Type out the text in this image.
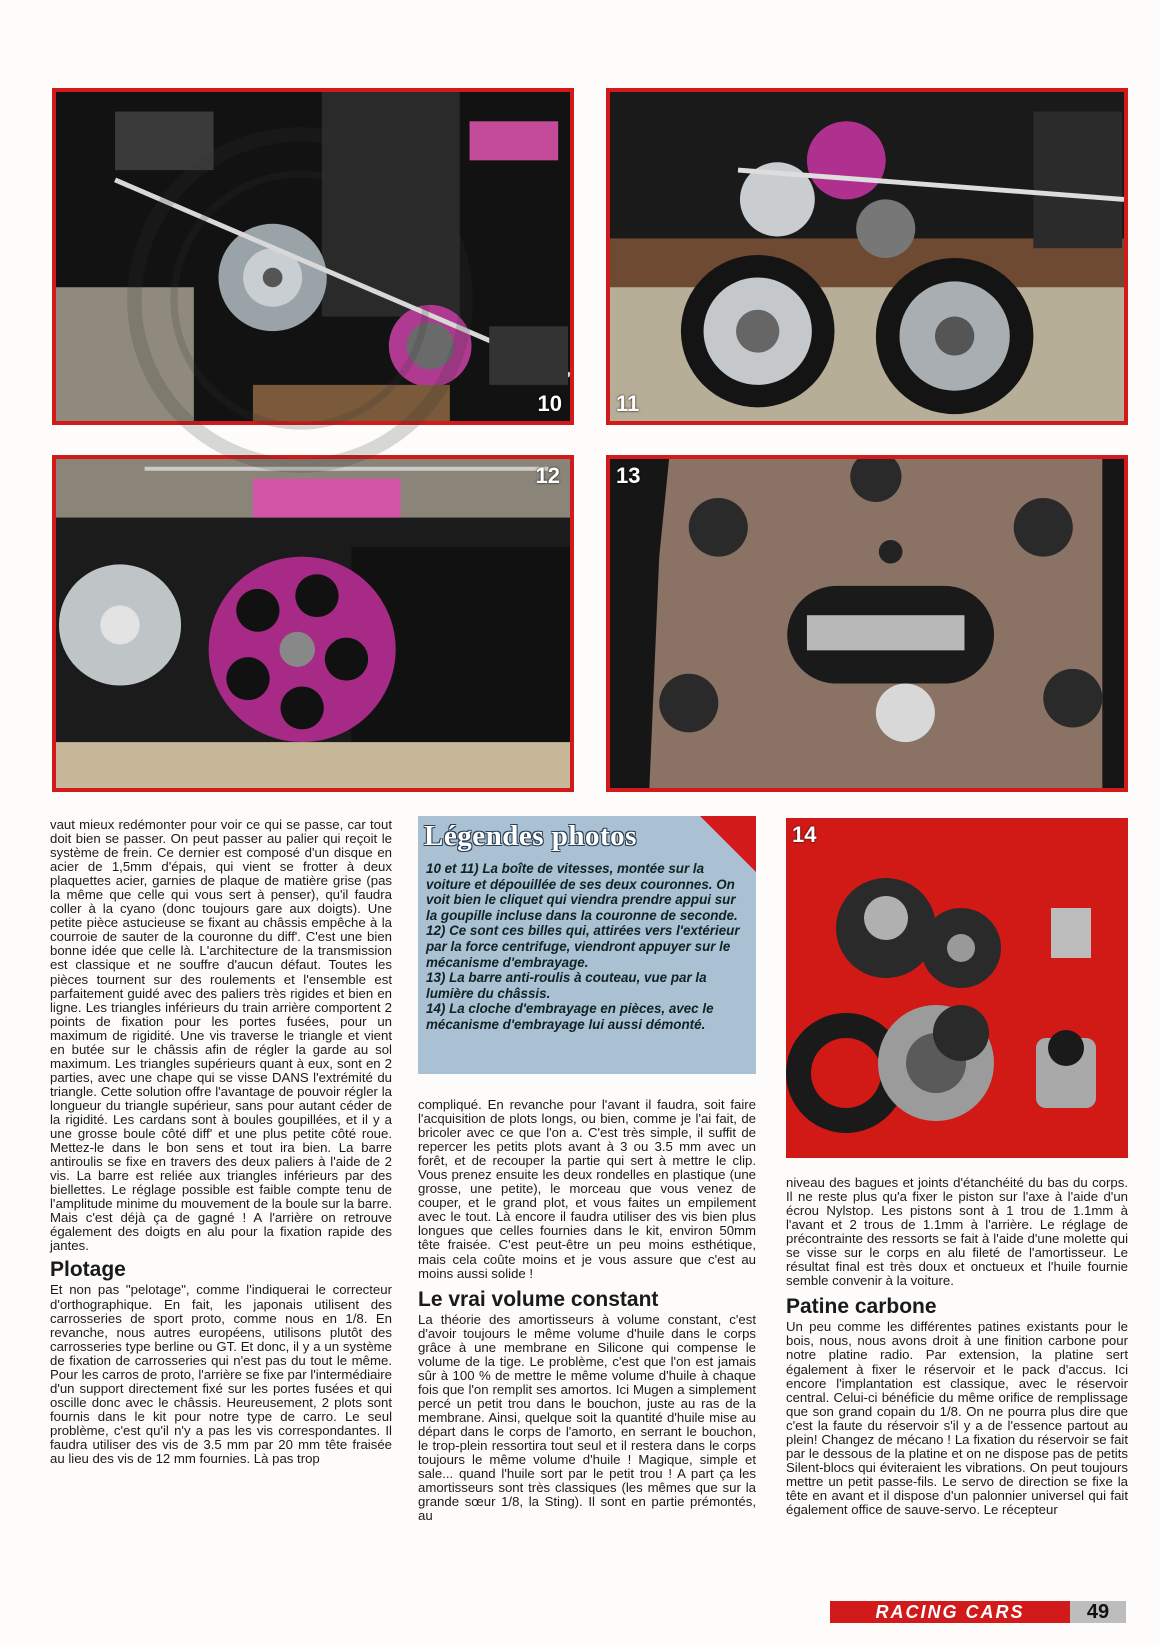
10 11
12	13
14

vaut mieux redémonter pour voir ce qui se passe, car tout doit bien se passer. On peut passer au palier qui reçoit le système de frein. Ce dernier est composé d'un disque en acier de 1,5mm d'épais, qui vient se frotter à deux plaquettes acier, garnies de plaque de matière grise (pas la même que celle qui vous sert à penser), qu'il faudra coller à la cyano (donc toujours gare aux doigts). Une petite pièce astucieuse se fixant au châssis empêche à la courroie de sauter de la couronne du diff'. C'est une bien bonne idée que celle là. L'architecture de la transmission est classique et ne souffre d'aucun défaut. Toutes les pièces tournent sur des roulements et l'ensemble est parfaitement guidé avec des paliers très rigides et bien en ligne. Les triangles inférieurs du train arrière comportent 2 points de fixation pour les portes fusées, pour un maximum de rigidité. Une vis traverse le triangle et vient en butée sur le châssis afin de régler la garde au sol maximum. Les triangles supérieurs quant à eux, sont en 2 parties, avec une chape qui se visse DANS l'extrémité du triangle. Cette solution offre l'avantage de pouvoir régler la longueur du triangle supérieur, sans pour autant céder de la rigidité. Les cardans sont à boules goupillées, et il y a une grosse boule côté diff' et une plus petite côté roue. Mettez-le dans le bon sens et tout ira bien. La barre antiroulis se fixe en travers des deux paliers à l'aide de 2 vis. La barre est reliée aux triangles inférieurs par des biellettes. Le réglage possible est faible compte tenu de l'amplitude minime du mouvement de la boule sur la barre. Mais c'est déjà ça de gagné ! A l'arrière on retrouve également des doigts en alu pour la fixation rapide des jantes.

Plotage

Et non pas "pelotage", comme l'indiquerai le correcteur d'orthographique. En fait, les japonais utilisent des carrosseries de sport proto, comme nous en 1/8. En revanche, nous autres européens, utilisons plutôt des carrosseries type berline ou GT. Et donc, il y a un système de fixation de carrosseries qui n'est pas du tout le même. Pour les carros de proto, l'arrière se fixe par l'intermédiaire d'un support directement fixé sur les portes fusées et qui oscille donc avec le châssis. Heureusement, 2 plots sont fournis dans le kit pour notre type de carro. Le seul problème, c'est qu'il n'y a pas les vis correspondantes. Il faudra utiliser des vis de 3.5 mm par 20 mm tête fraisée au lieu des vis de 12 mm fournies. Là pas trop

Légendes photos

10 et 11) La boîte de vitesses, montée sur la voiture et dépouillée de ses deux couronnes. On voit bien le cliquet qui viendra prendre appui sur la goupille incluse dans la couronne de seconde.

12) Ce sont ces billes qui, attirées vers l'extérieur par la force centrifuge, viendront appuyer sur le mécanisme d'embrayage.

13) La barre anti-roulis à couteau, vue par la lumière du châssis.

14) La cloche d'embrayage en pièces, avec le mécanisme d'embrayage lui aussi démonté.

compliqué. En revanche pour l'avant il faudra, soit faire l'acquisition de plots longs, ou bien, comme je l'ai fait, de bricoler avec ce que l'on a. C'est très simple, il suffit de repercer les petits plots avant à 3 ou 3.5 mm avec un forêt, et de recouper la partie qui sert à mettre le clip. Vous prenez ensuite les deux rondelles en plastique (une grosse, une petite), le morceau que vous venez de couper, et le grand plot, et vous faites un empilement avec le tout. Là encore il faudra utiliser des vis bien plus longues que celles fournies dans le kit, environ 50mm tête fraisée. C'est peut-être un peu moins esthétique, mais cela coûte moins et je vous assure que c'est au moins aussi solide !

Le vrai volume constant

La théorie des amortisseurs à volume constant, c'est d'avoir toujours le même volume d'huile dans le corps grâce à une membrane en Silicone qui compense le volume de la tige. Le problème, c'est que l'on est jamais sûr à 100 % de mettre le même volume d'huile à chaque fois que l'on remplit ses amortos. Ici Mugen a simplement percé un petit trou dans le bouchon, juste au ras de la membrane. Ainsi, quelque soit la quantité d'huile mise au départ dans le corps de l'amorto, en serrant le bouchon, le trop-plein ressortira tout seul et il restera dans le corps toujours le même volume d'huile ! Magique, simple et sale... quand l'huile sort par le petit trou ! A part ça les amortisseurs sont très classiques (les mêmes que sur la grande sœur 1/8, la Sting). Il sont en partie prémontés, au

niveau des bagues et joints d'étanchéité du bas du corps. Il ne reste plus qu'a fixer le piston sur l'axe à l'aide d'un écrou Nylstop. Les pistons sont à 1 trou de 1.1mm à l'avant et 2 trous de 1.1mm à l'arrière. Le réglage de précontrainte des ressorts se fait à l'aide d'une molette qui se visse sur le corps en alu fileté de l'amortisseur. Le résultat final est très doux et onctueux et l'huile fournie semble convenir à la voiture.

Patine carbone

Un peu comme les différentes patines existants pour le bois, nous, nous avons droit à une finition carbone pour notre platine radio. Par extension, la platine sert également à fixer le réservoir et le pack d'accus. Ici encore l'implantation est classique, avec le réservoir central. Celui-ci bénéficie du même orifice de remplissage que son grand copain du 1/8. On ne pourra plus dire que c'est la faute du réservoir s'il y a de l'essence partout au plein! Changez de mécano ! La fixation du réservoir se fait par le dessous de la platine et on ne dispose pas de petits Silent-blocs qui éviteraient les vibrations. On peut toujours mettre un petit passe-fils. Le servo de direction se fixe la tête en avant et il dispose d'un palonnier universel qui fait également office de sauve-servo. Le récepteur

RACING CARS	49
